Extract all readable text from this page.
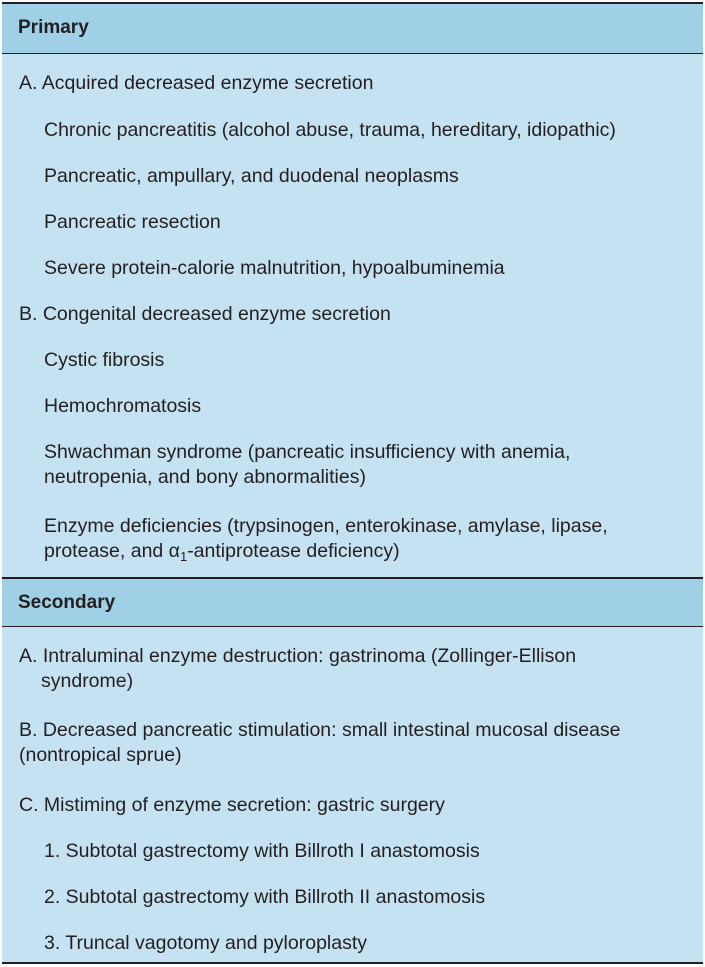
Primary
A. Acquired decreased enzyme secretion
Chronic pancreatitis (alcohol abuse, trauma, hereditary, idiopathic)
Pancreatic, ampullary, and duodenal neoplasms
Pancreatic resection
Severe protein-calorie malnutrition, hypoalbuminemia
B. Congenital decreased enzyme secretion
Cystic fibrosis
Hemochromatosis
Shwachman syndrome (pancreatic insufficiency with anemia,
neutropenia, and bony abnormalities)
Enzyme deficiencies (trypsinogen, enterokinase, amylase, lipase,
protease, and $\alpha_1$-antiprotease deficiency)
Secondary
A. Intraluminal enzyme destruction: gastrinoma (Zollinger-Ellison
syndrome)
B. Decreased pancreatic stimulation: small intestinal mucosal disease
(nontropical sprue)
C. Mistiming of enzyme secretion: gastric surgery
1. Subtotal gastrectomy with Billroth I anastomosis
2. Subtotal gastrectomy with Billroth II anastomosis
3. Truncal vagotomy and pyloroplasty
